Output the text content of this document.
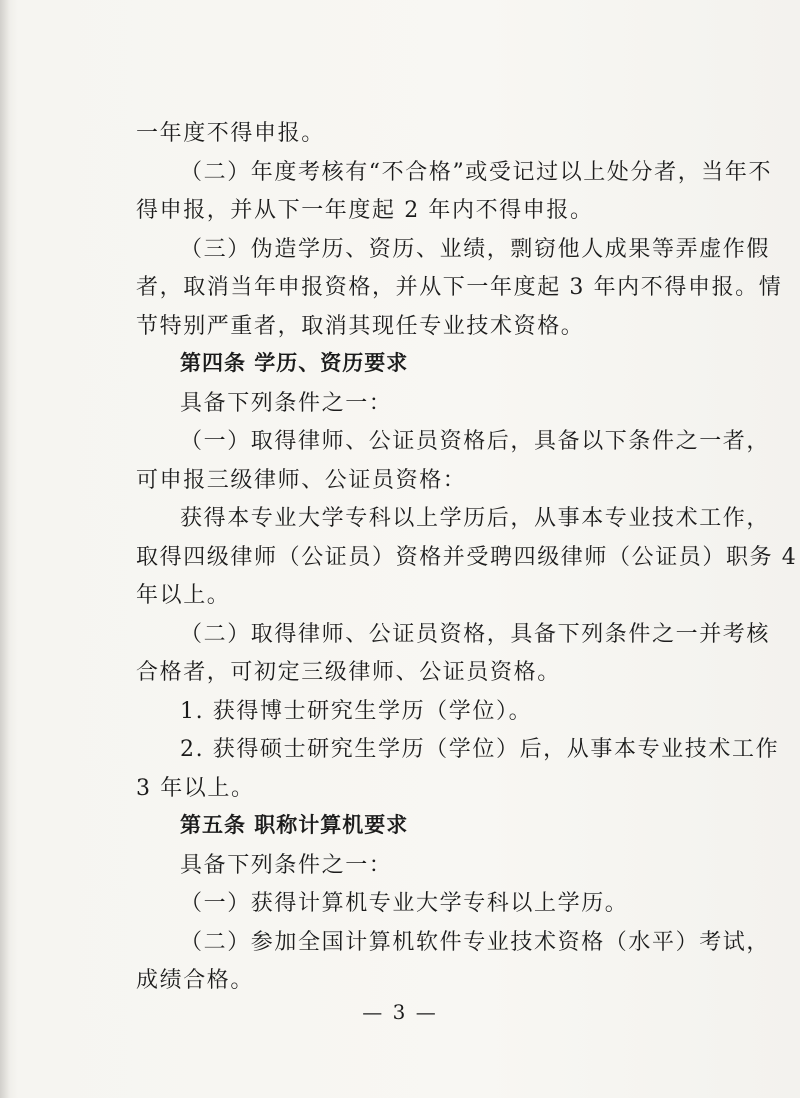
一年度不得申报。
（二）年度考核有“不合格”或受记过以上处分者，当年不
得申报，并从下一年度起 2 年内不得申报。
（三）伪造学历、资历、业绩，剽窃他人成果等弄虚作假
者，取消当年申报资格，并从下一年度起 3 年内不得申报。情
节特别严重者，取消其现任专业技术资格。
第四条 学历、资历要求
具备下列条件之一：
（一）取得律师、公证员资格后，具备以下条件之一者，
可申报三级律师、公证员资格：
获得本专业大学专科以上学历后，从事本专业技术工作，
取得四级律师（公证员）资格并受聘四级律师（公证员）职务 4
年以上。
（二）取得律师、公证员资格，具备下列条件之一并考核
合格者，可初定三级律师、公证员资格。
1. 获得博士研究生学历（学位）。
2. 获得硕士研究生学历（学位）后，从事本专业技术工作
3 年以上。
第五条 职称计算机要求
具备下列条件之一：
（一）获得计算机专业大学专科以上学历。
（二）参加全国计算机软件专业技术资格（水平）考试，
成绩合格。
— 3 —
